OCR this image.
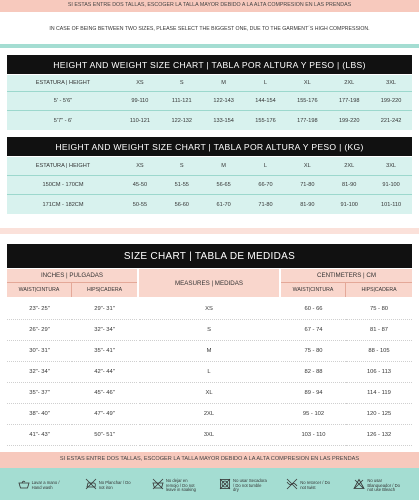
SI ESTAS ENTRE DOS TALLAS, ESCOGER LA TALLA MAYOR DEBIDO A LA ALTA COMPRESION EN LAS PRENDAS
IN CASE OF BEING BETWEEN TWO SIZES, PLEASE SELECT THE BIGGEST ONE, DUE TO THE GARMENT´S HIGH COMPRESSION.
HEIGHT AND WEIGHT SIZE CHART | TABLA POR ALTURA Y PESO | (LBS)
ESTATURA | HEIGHT	XS	S	M	L	XL	2XL	3XL
5' - 5'6"	99-110	111-121	122-143	144-154	155-176	177-198	199-220
5'7" - 6'	110-121	122-132	133-154	155-176	177-198	199-220	221-242
HEIGHT AND WEIGHT SIZE CHART | TABLA POR ALTURA Y PESO | (KG)
ESTATURA | HEIGHT	XS	S	M	L	XL	2XL	3XL
150CM - 170CM	45-50	51-55	56-65	66-70	71-80	81-90	91-100
171CM - 182CM	50-55	56-60	61-70	71-80	81-90	91-100	101-110
SIZE CHART | TABLA DE MEDIDAS
INCHES | PULGADAS
WAIST|CINTURA	HIPS|CADERA
MEASURES | MEDIDAS
CENTIMETERS | CM
WAIST|CINTURA	HIPS|CADERA
23"- 25"	29"- 31"	XS	60 - 66	75 - 80
26"- 29"	32"- 34"	S	67 - 74	81 - 87
30"- 31"	35"- 41"	M	75 - 80	88 - 105
32"- 34"	42"- 44"	L	82 - 88	106 - 113
35"- 37"	45"- 46"	XL	89 - 94	114 - 119
38"- 40"	47"- 49"	2XL	95 - 102	120 - 125
41"- 43"	50"- 51"	3XL	103 - 110	126 - 132
SI ESTAS ENTRE DOS TALLAS, ESCOGER LA TALLA MAYOR DEBIDO A LA ALTA COMPRESION EN LAS PRENDAS
Lavar a mano / Hand wash
No Planchar / Do not iron
No dejar en remojo / Do not leave in soaking
No usar Secadora / Do not tumble dry
No retorcer / Do not twist
No usar Blanqueador / Do not use Bleach
